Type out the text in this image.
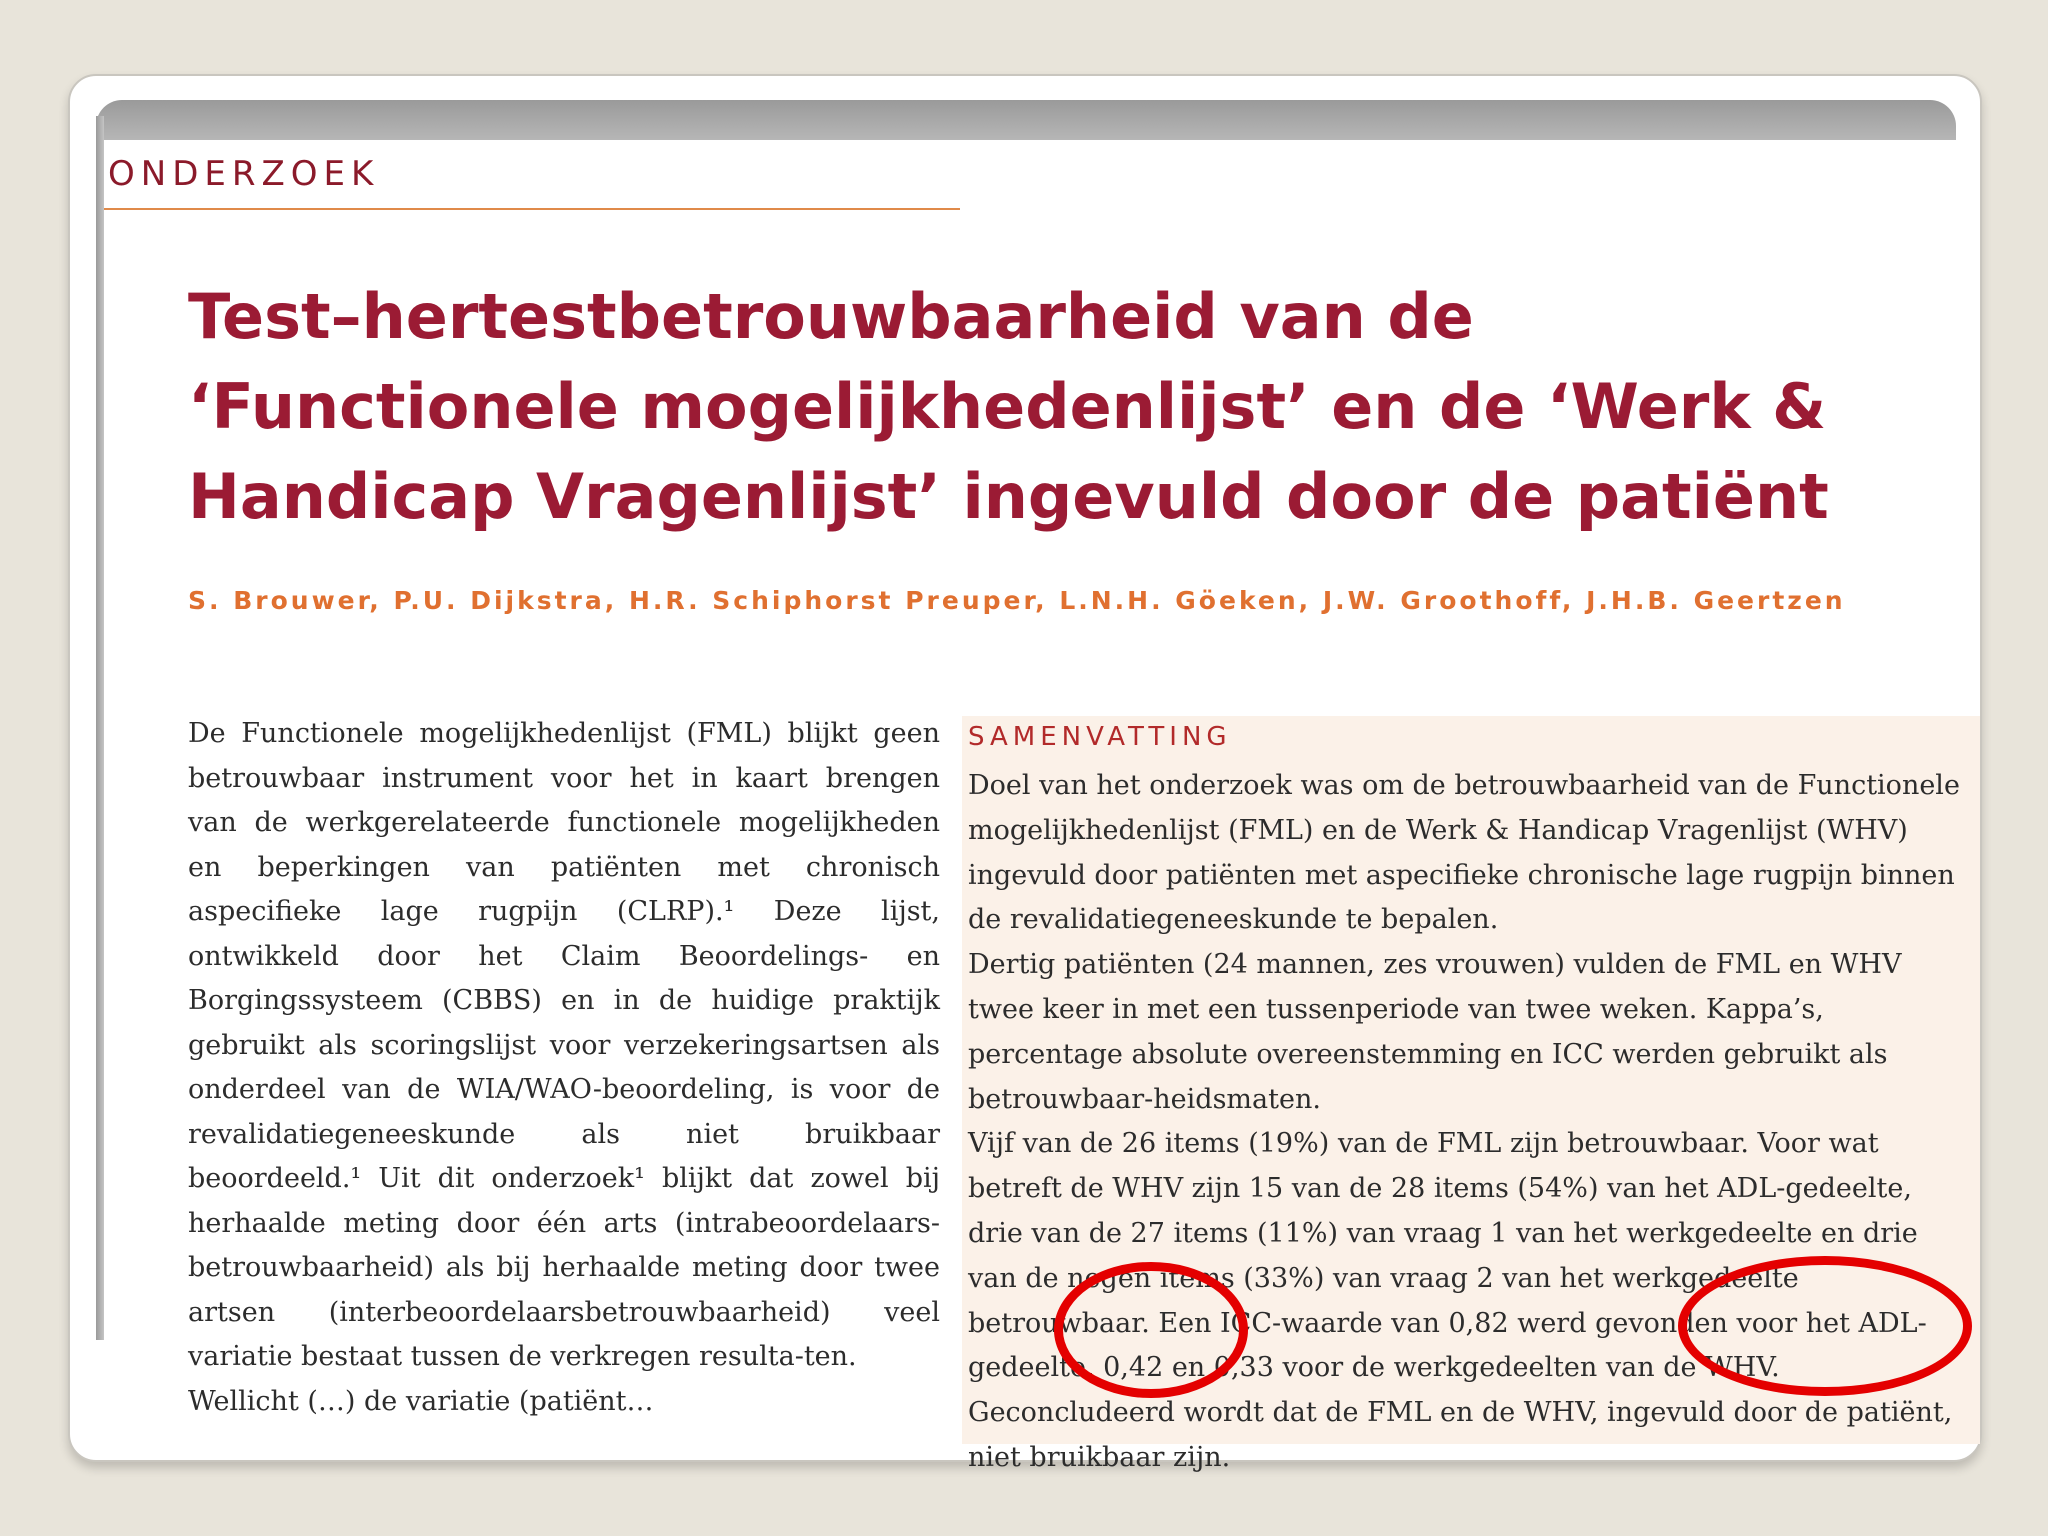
ONDERZOEK
Test–hertestbetrouwbaarheid van de ‘Functionele mogelijkhedenlijst’ en de ‘Werk & Handicap Vragenlijst’ ingevuld door de patiënt
S. Brouwer, P.U. Dijkstra, H.R. Schiphorst Preuper, L.N.H. Göeken, J.W. Groothoff, J.H.B. Geertzen
De Functionele mogelijkhedenlijst (FML) blijkt geen betrouwbaar instrument voor het in kaart brengen van de werkgerelateerde functionele mogelijkheden en beperkingen van patiënten met chronisch aspecifieke lage rugpijn (CLRP).¹ Deze lijst, ontwikkeld door het Claim Beoordelings- en Borgingssysteem (CBBS) en in de huidige praktijk gebruikt als scoringslijst voor verzekeringsartsen als onderdeel van de WIA/WAO-beoordeling, is voor de revalidatiegeneeskunde als niet bruikbaar beoordeeld.¹ Uit dit onderzoek¹ blijkt dat zowel bij herhaalde meting door één arts (intrabeoordelaars-betrouwbaarheid) als bij herhaalde meting door twee artsen (interbeoordelaarsbetrouwbaarheid) veel variatie bestaat tussen de verkregen resulta-ten.
Wellicht (…) de variatie (patiënt…
SAMENVATTING

Doel van het onderzoek was om de betrouwbaarheid van de Functionele mogelijkhedenlijst (FML) en de Werk & Handicap Vragenlijst (WHV) ingevuld door patiënten met aspecifieke chronische lage rugpijn binnen de revalidatiegeneeskunde te bepalen.

Dertig patiënten (24 mannen, zes vrouwen) vulden de FML en WHV twee keer in met een tussenperiode van twee weken. Kappa’s, percentage absolute overeenstemming en ICC werden gebruikt als betrouwbaar-heidsmaten.

Vijf van de 26 items (19%) van de FML zijn betrouwbaar. Voor wat betreft de WHV zijn 15 van de 28 items (54%) van het ADL-gedeelte, drie van de 27 items (11%) van vraag 1 van het werkgedeelte en drie van de negen items (33%) van vraag 2 van het werkgedeelte betrouwbaar. Een ICC-waarde van 0,82 werd gevonden voor het ADL-gedeelte, 0,42 en 0,33 voor de werkgedeelten van de WHV. Geconcludeerd wordt dat de FML en de WHV, ingevuld door de patiënt, niet bruikbaar zijn.
